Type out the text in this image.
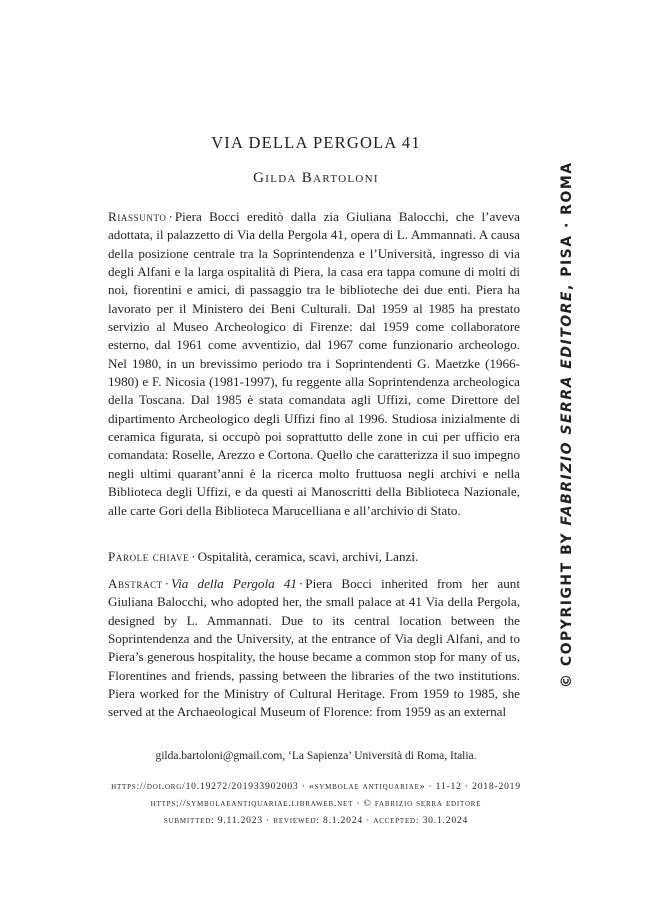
VIA DELLA PERGOLA 41

Gilda Bartoloni

Riassunto · Piera Bocci ereditò dalla zia Giuliana Balocchi, che l’aveva adottata, il palazzetto di Via della Pergola 41, opera di L. Ammannati. A causa della posizione centrale tra la Soprintendenza e l’Università, ingresso di via degli Alfani e la larga ospitalità di Piera, la casa era tappa comune di molti di noi, fiorentini e amici, di passaggio tra le biblioteche dei due enti. Piera ha lavorato per il Ministero dei Beni Culturali. Dal 1959 al 1985 ha prestato servizio al Museo Archeologico di Firenze: dal 1959 come collaboratore esterno, dal 1961 come avventizio, dal 1967 come funzionario archeologo. Nel 1980, in un brevissimo periodo tra i Soprintendenti G. Maetzke (1966-1980) e F. Nicosia (1981-1997), fu reggente alla Soprintendenza archeologica della Toscana. Dal 1985 è stata comandata agli Uffizi, come Direttore del dipartimento Archeologico degli Uffizi fino al 1996. Studiosa inizialmente di ceramica figurata, si occupò poi soprattutto delle zone in cui per ufficio era comandata: Roselle, Arezzo e Cortona. Quello che caratterizza il suo impegno negli ultimi quarant’anni è la ricerca molto fruttuosa negli archivi e nella Biblioteca degli Uffizi, e da questi ai Manoscritti della Biblioteca Nazionale, alle carte Gori della Biblioteca Marucelliana e all’archivio di Stato.

Parole chiave · Ospitalità, ceramica, scavi, archivi, Lanzi.

Abstract · Via della Pergola 41 · Piera Bocci inherited from her aunt Giuliana Balocchi, who adopted her, the small palace at 41 Via della Pergola, designed by L. Ammannati. Due to its central location between the Soprintendenza and the University, at the entrance of Via degli Alfani, and to Piera’s generous hospitality, the house became a common stop for many of us, Florentines and friends, passing between the libraries of the two institutions. Piera worked for the Ministry of Cultural Heritage. From 1959 to 1985, she served at the Archaeological Museum of Florence: from 1959 as an external

gilda.bartoloni@gmail.com, ‘La Sapienza’ Università di Roma, Italia.

https://doi.org/10.19272/201933902003 · «symbolae antiquariae» · 11-12 · 2018-2019

https://symbolaeantiquariae.libraweb.net · © fabrizio serra editore

submitted: 9.11.2023 · reviewed: 8.1.2024 · accepted: 30.1.2024

© COPYRIGHT BY FABRIZIO SERRA EDITORE, PISA · ROMA
